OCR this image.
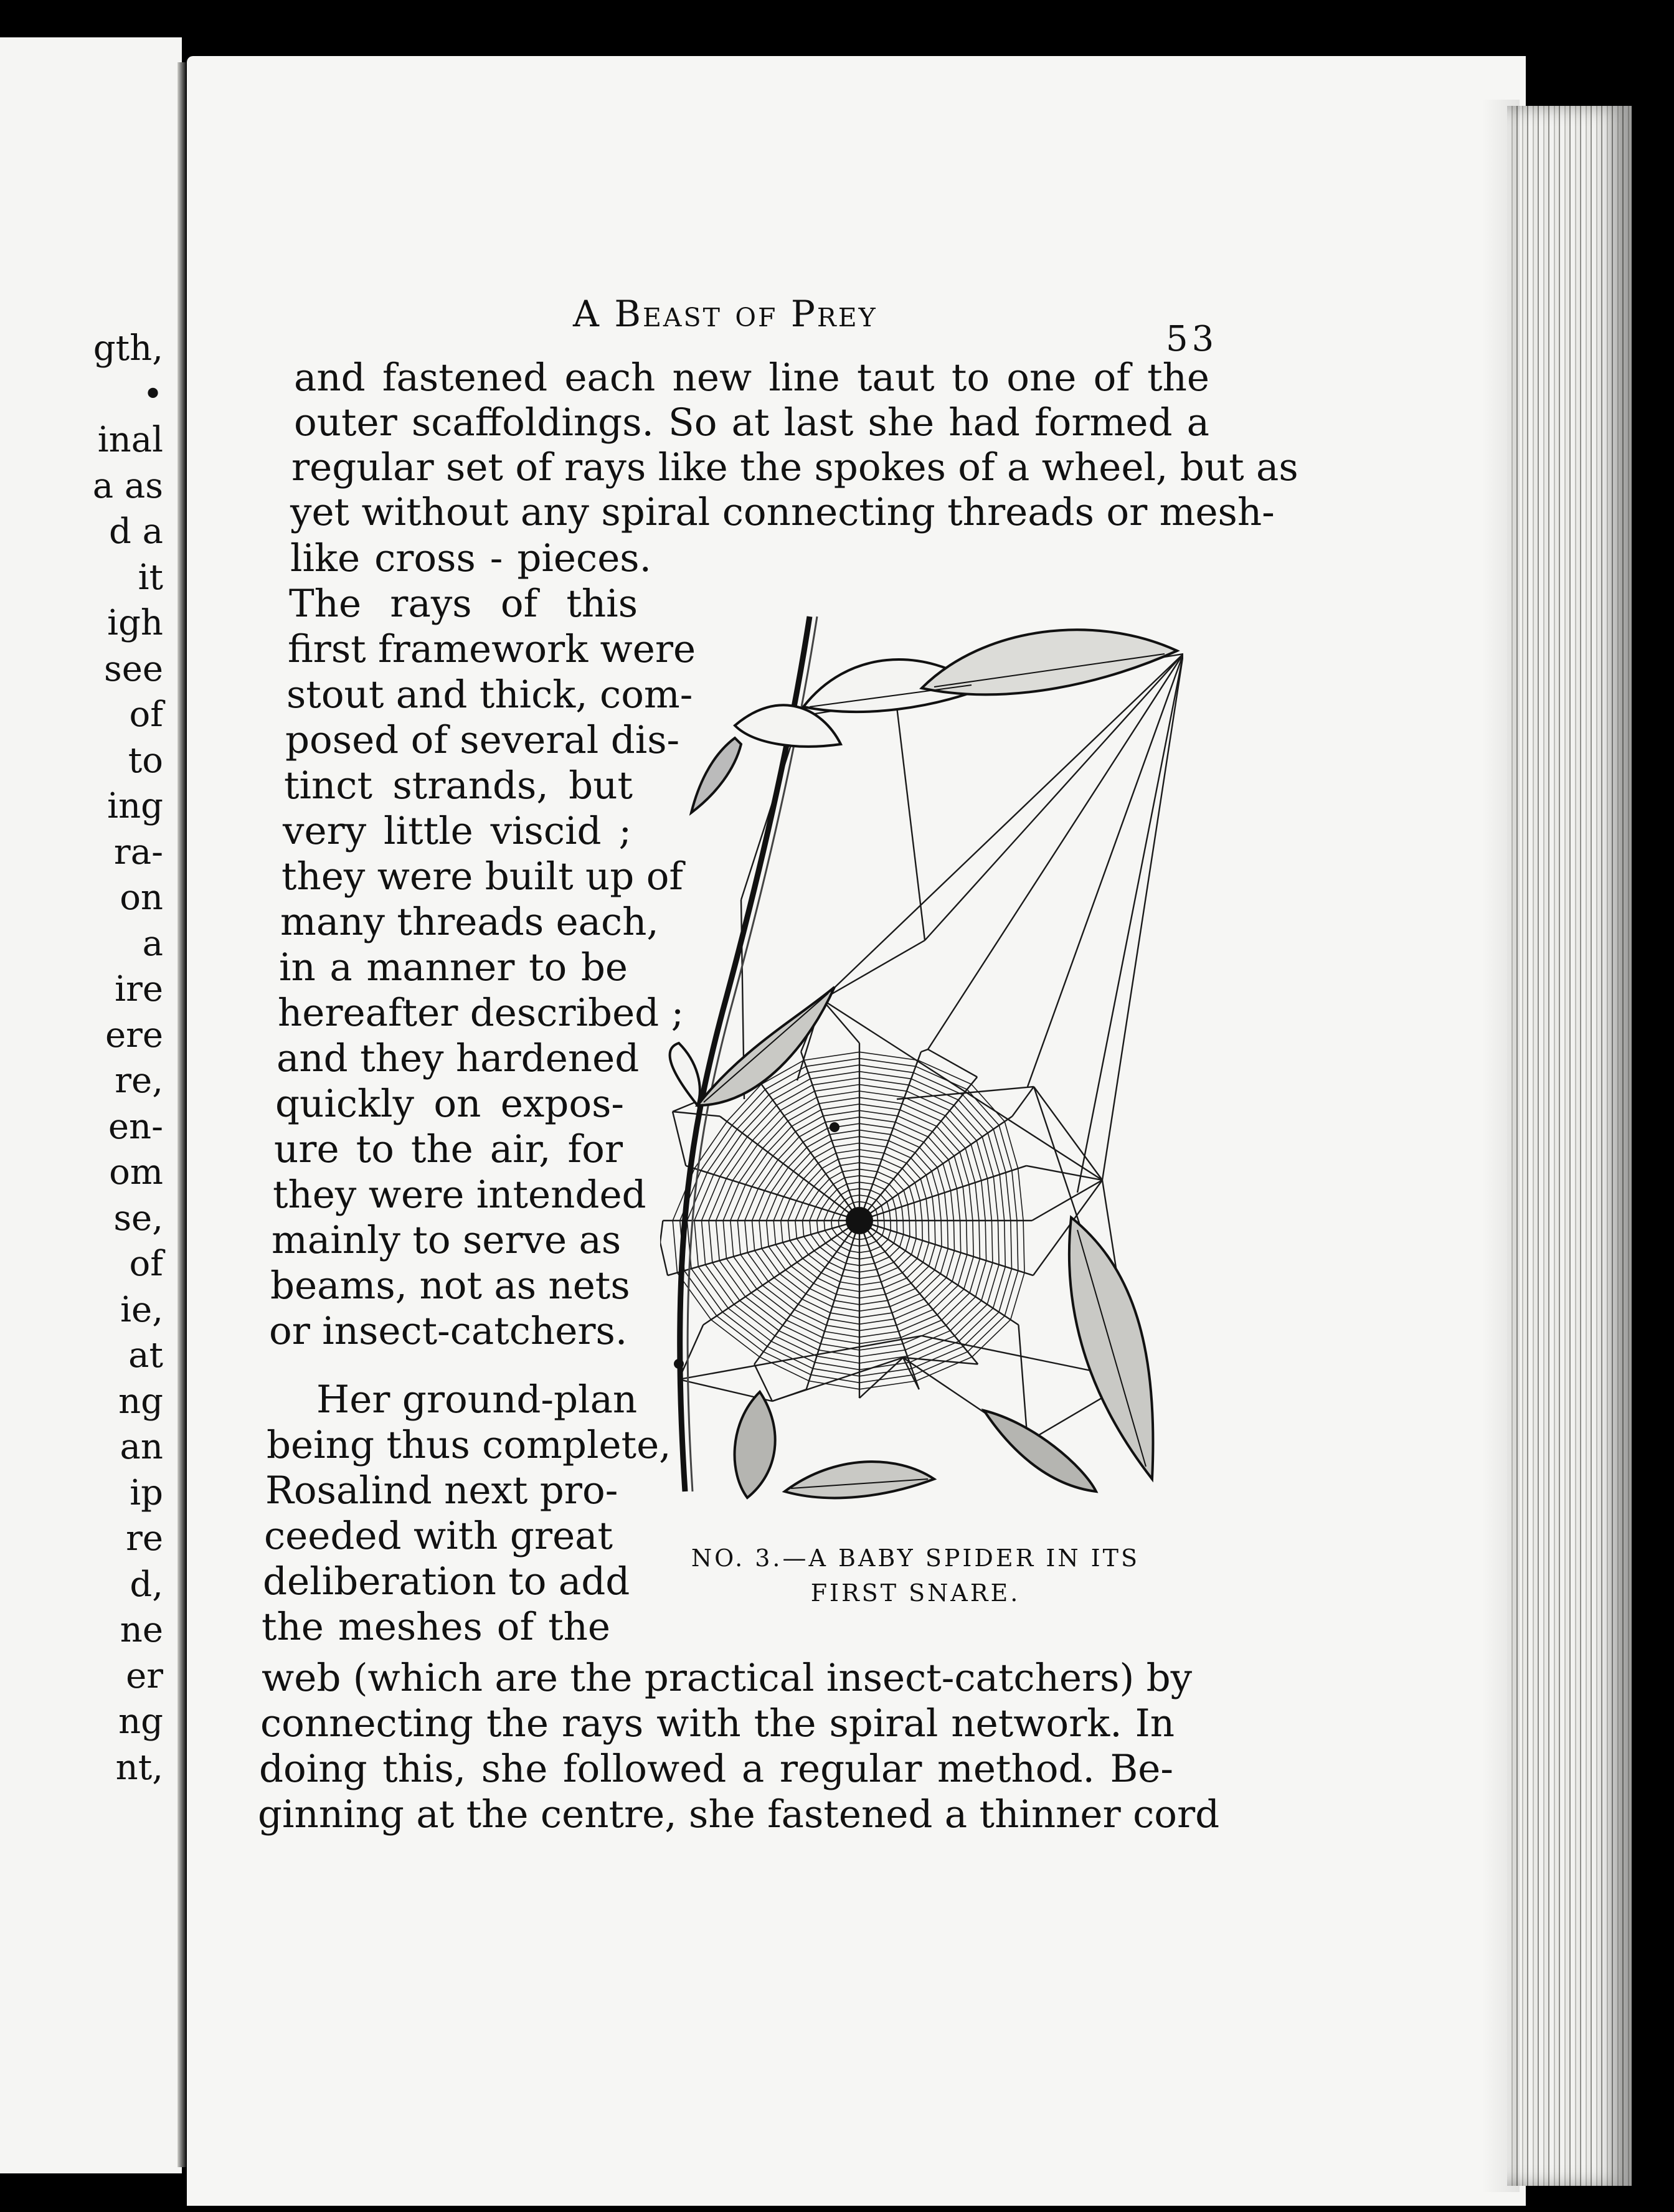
gth,
•
inal
a as
d a
it
igh
see
of
to
ing
ra-
on
a
ire
ere
re,
en-
om
se,
of
ie,
at
ng
an
ip
re
d,
ne
er
ng
nt,
A Beast of Prey
53
and fastened each new line taut to one of the
outer scaffoldings. So at last she had formed a
regular set of rays like the spokes of a wheel, but as
yet without any spiral connecting threads or mesh-
like cross - pieces.
The rays of this
first framework were
stout and thick, com-
posed of several dis-
tinct strands, but
very little viscid ;
they were built up of
many threads each,
in a manner to be
hereafter described ;
and they hardened
quickly on expos-
ure to the air, for
they were intended
mainly to serve as
beams, not as nets
or insect-catchers.
Her ground-plan
being thus complete,
Rosalind next pro-
ceeded with great
deliberation to add
the meshes of the
web (which are the practical insect-catchers) by
connecting the rays with the spiral network. In
doing this, she followed a regular method. Be-
ginning at the centre, she fastened a thinner cord
NO. 3.—A BABY SPIDER IN ITS
FIRST SNARE.
